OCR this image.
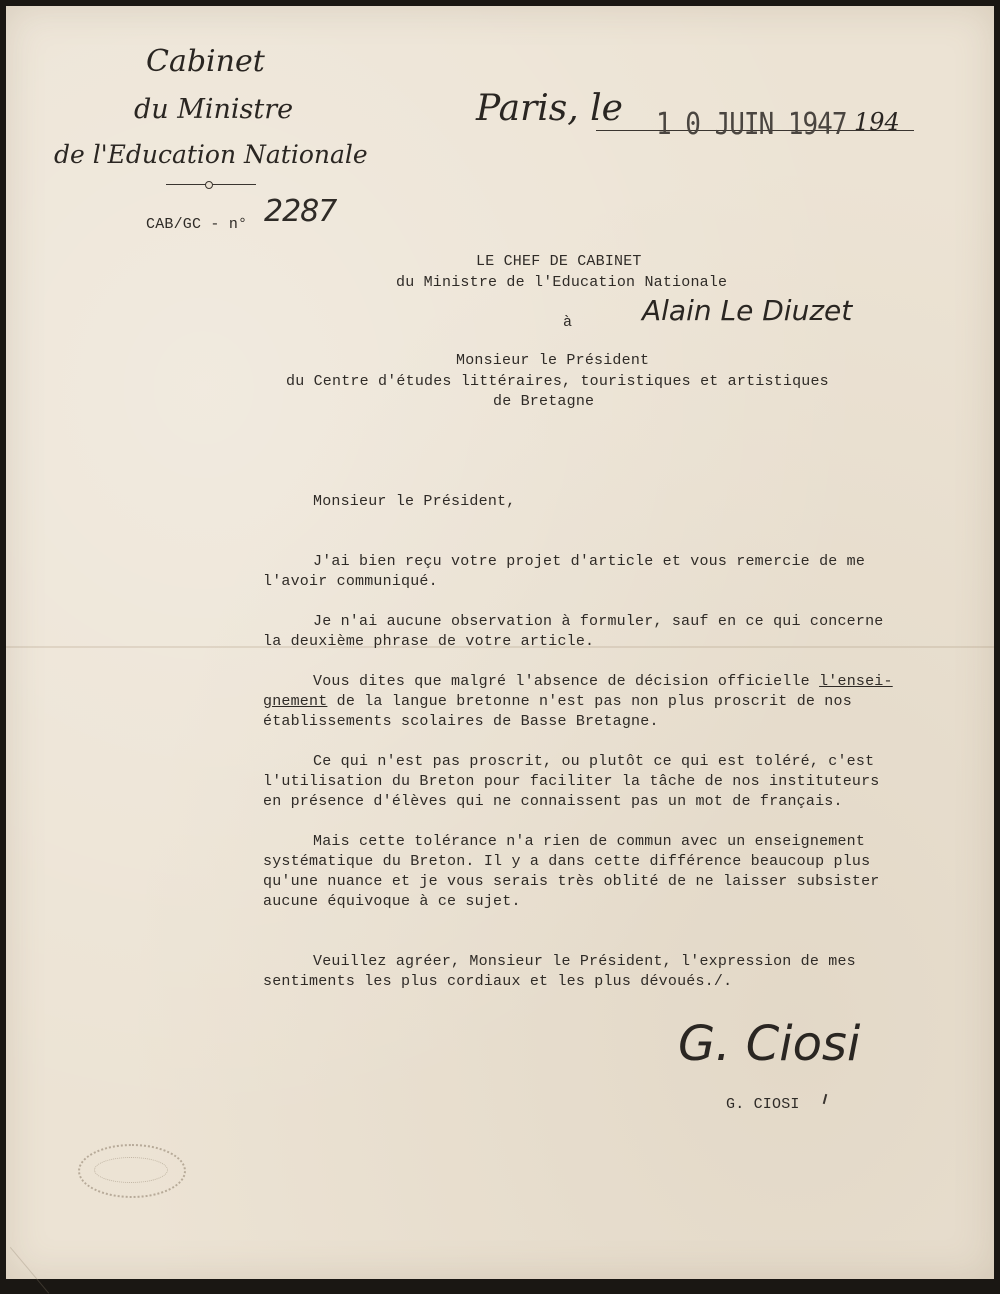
Cabinet
du Ministre
de l'Education Nationale
CAB/GC - n° 2287
Paris, le 1 0 JUIN 1947 194
LE CHEF DE CABINET
du Ministre de l'Education Nationale
à Alain Le Diuzet
Monsieur le Président
du Centre d'études littéraires, touristiques et artistiques
de Bretagne
Monsieur le Président,
J'ai bien reçu votre projet d'article et vous remercie de me
l'avoir communiqué.
Je n'ai aucune observation à formuler, sauf en ce qui concerne
la deuxième phrase de votre article.
Vous dites que malgré l'absence de décision officielle l'ensei-
gnement de la langue bretonne n'est pas non plus proscrit de nos
établissements scolaires de Basse Bretagne.
Ce qui n'est pas proscrit, ou plutôt ce qui est toléré, c'est
l'utilisation du Breton pour faciliter la tâche de nos instituteurs
en présence d'élèves qui ne connaissent pas un mot de français.
Mais cette tolérance n'a rien de commun avec un enseignement
systématique du Breton. Il y a dans cette différence beaucoup plus
qu'une nuance et je vous serais très oblité de ne laisser subsister
aucune équivoque à ce sujet.
Veuillez agréer, Monsieur le Président, l'expression de mes
sentiments les plus cordiaux et les plus dévoués./.
G. Ciosi
G. CIOSI
